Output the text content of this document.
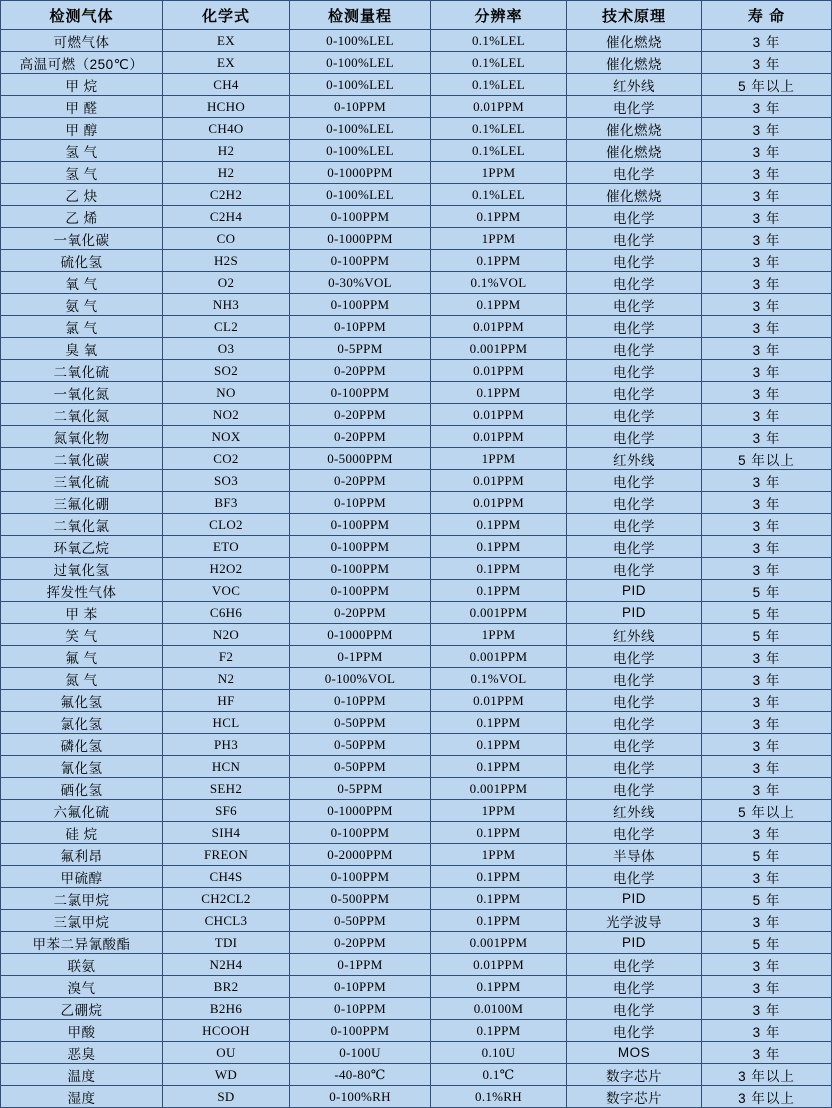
检测气体	化学式	检测量程	分辨率	技术原理	寿 命
可燃气体	EX	0-100%LEL	0.1%LEL	催化燃烧	3 年
高温可燃（250℃）	EX	0-100%LEL	0.1%LEL	催化燃烧	3 年
甲 烷	CH4	0-100%LEL	0.1%LEL	红外线	5 年以上
甲 醛	HCHO	0-10PPM	0.01PPM	电化学	3 年
甲 醇	CH4O	0-100%LEL	0.1%LEL	催化燃烧	3 年
氢 气	H2	0-100%LEL	0.1%LEL	催化燃烧	3 年
氢 气	H2	0-1000PPM	1PPM	电化学	3 年
乙 炔	C2H2	0-100%LEL	0.1%LEL	催化燃烧	3 年
乙 烯	C2H4	0-100PPM	0.1PPM	电化学	3 年
一氧化碳	CO	0-1000PPM	1PPM	电化学	3 年
硫化氢	H2S	0-100PPM	0.1PPM	电化学	3 年
氧 气	O2	0-30%VOL	0.1%VOL	电化学	3 年
氨 气	NH3	0-100PPM	0.1PPM	电化学	3 年
氯 气	CL2	0-10PPM	0.01PPM	电化学	3 年
臭 氧	O3	0-5PPM	0.001PPM	电化学	3 年
二氧化硫	SO2	0-20PPM	0.01PPM	电化学	3 年
一氧化氮	NO	0-100PPM	0.1PPM	电化学	3 年
二氧化氮	NO2	0-20PPM	0.01PPM	电化学	3 年
氮氧化物	NOX	0-20PPM	0.01PPM	电化学	3 年
二氧化碳	CO2	0-5000PPM	1PPM	红外线	5 年以上
三氧化硫	SO3	0-20PPM	0.01PPM	电化学	3 年
三氟化硼	BF3	0-10PPM	0.01PPM	电化学	3 年
二氧化氯	CLO2	0-100PPM	0.1PPM	电化学	3 年
环氧乙烷	ETO	0-100PPM	0.1PPM	电化学	3 年
过氧化氢	H2O2	0-100PPM	0.1PPM	电化学	3 年
挥发性气体	VOC	0-100PPM	0.1PPM	PID	5 年
甲 苯	C6H6	0-20PPM	0.001PPM	PID	5 年
笑 气	N2O	0-1000PPM	1PPM	红外线	5 年
氟 气	F2	0-1PPM	0.001PPM	电化学	3 年
氮 气	N2	0-100%VOL	0.1%VOL	电化学	3 年
氟化氢	HF	0-10PPM	0.01PPM	电化学	3 年
氯化氢	HCL	0-50PPM	0.1PPM	电化学	3 年
磷化氢	PH3	0-50PPM	0.1PPM	电化学	3 年
氰化氢	HCN	0-50PPM	0.1PPM	电化学	3 年
硒化氢	SEH2	0-5PPM	0.001PPM	电化学	3 年
六氟化硫	SF6	0-1000PPM	1PPM	红外线	5 年以上
硅 烷	SIH4	0-100PPM	0.1PPM	电化学	3 年
氟利昂	FREON	0-2000PPM	1PPM	半导体	5 年
甲硫醇	CH4S	0-100PPM	0.1PPM	电化学	3 年
二氯甲烷	CH2CL2	0-500PPM	0.1PPM	PID	5 年
三氯甲烷	CHCL3	0-50PPM	0.1PPM	光学波导	3 年
甲苯二异氰酸酯	TDI	0-20PPM	0.001PPM	PID	5 年
联氨	N2H4	0-1PPM	0.01PPM	电化学	3 年
溴气	BR2	0-10PPM	0.1PPM	电化学	3 年
乙硼烷	B2H6	0-10PPM	0.0100M	电化学	3 年
甲酸	HCOOH	0-100PPM	0.1PPM	电化学	3 年
恶臭	OU	0-100U	0.10U	MOS	3 年
温度	WD	-40-80℃	0.1℃	数字芯片	3 年以上
湿度	SD	0-100%RH	0.1%RH	数字芯片	3 年以上
